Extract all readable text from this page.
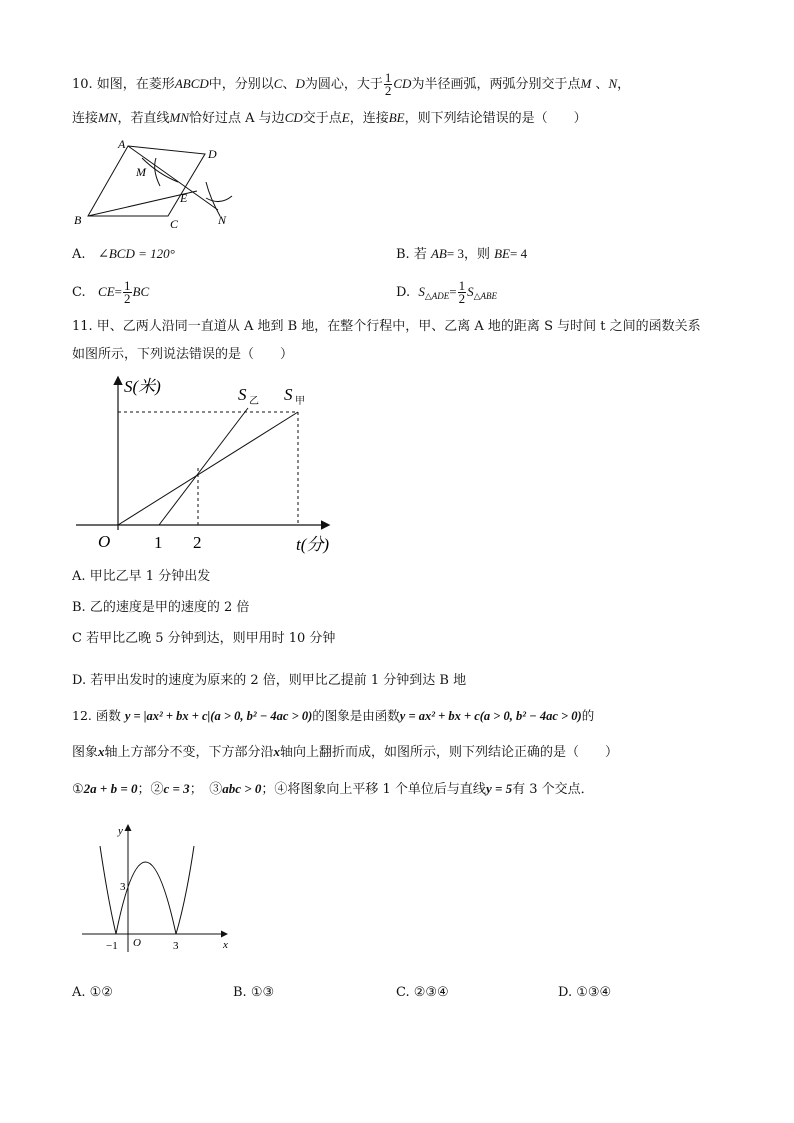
10. 如图，在菱形ABCD中，分别以C、D为圆心，大于 $\frac{1}{2}$ CD为半径画弧，两弧分别交于点M 、N，
连接MN，若直线MN恰好过点 A 与边CD交于点E，连接BE，则下列结论错误的是（　　）
A
D
M
E
B	C	N
A. ∠BCD = 120°	B. 若 AB= 3，则 BE= 4
C. $CE= \frac{1}{2}$ BC	D. $S_{\triangle ADE}= \frac{1}{2} S_{\triangle ABE}$
11. 甲、乙两人沿同一直道从 A 地到 B 地，在整个行程中，甲、乙离 A 地的距离 S 与时间 t 之间的函数关系
如图所示，下列说法错误的是（　　）
S(米)
t(分)
O	1 2
S 乙 S 甲
A. 甲比乙早 1 分钟出发
B. 乙的速度是甲的速度的 2 倍
C 若甲比乙晚 5 分钟到达，则甲用时 10 分钟
D. 若甲出发时的速度为原来的 2 倍，则甲比乙提前 1 分钟到达 B 地
12. 函数 y = |ax² + bx + c|(a > 0, b² − 4ac > 0)的图象是由函数y = ax² + bx + c(a > 0, b² − 4ac > 0)的
图象x轴上方部分不变，下方部分沿x轴向上翻折而成，如图所示，则下列结论正确的是（　　）
①2a + b = 0；②c = 3；　③abc > 0；④将图象向上平移 1 个单位后与直线y = 5有 3 个交点．
y
x
O
3
−1	3
A. ①②	B. ①③	C. ②③④	D. ①③④
